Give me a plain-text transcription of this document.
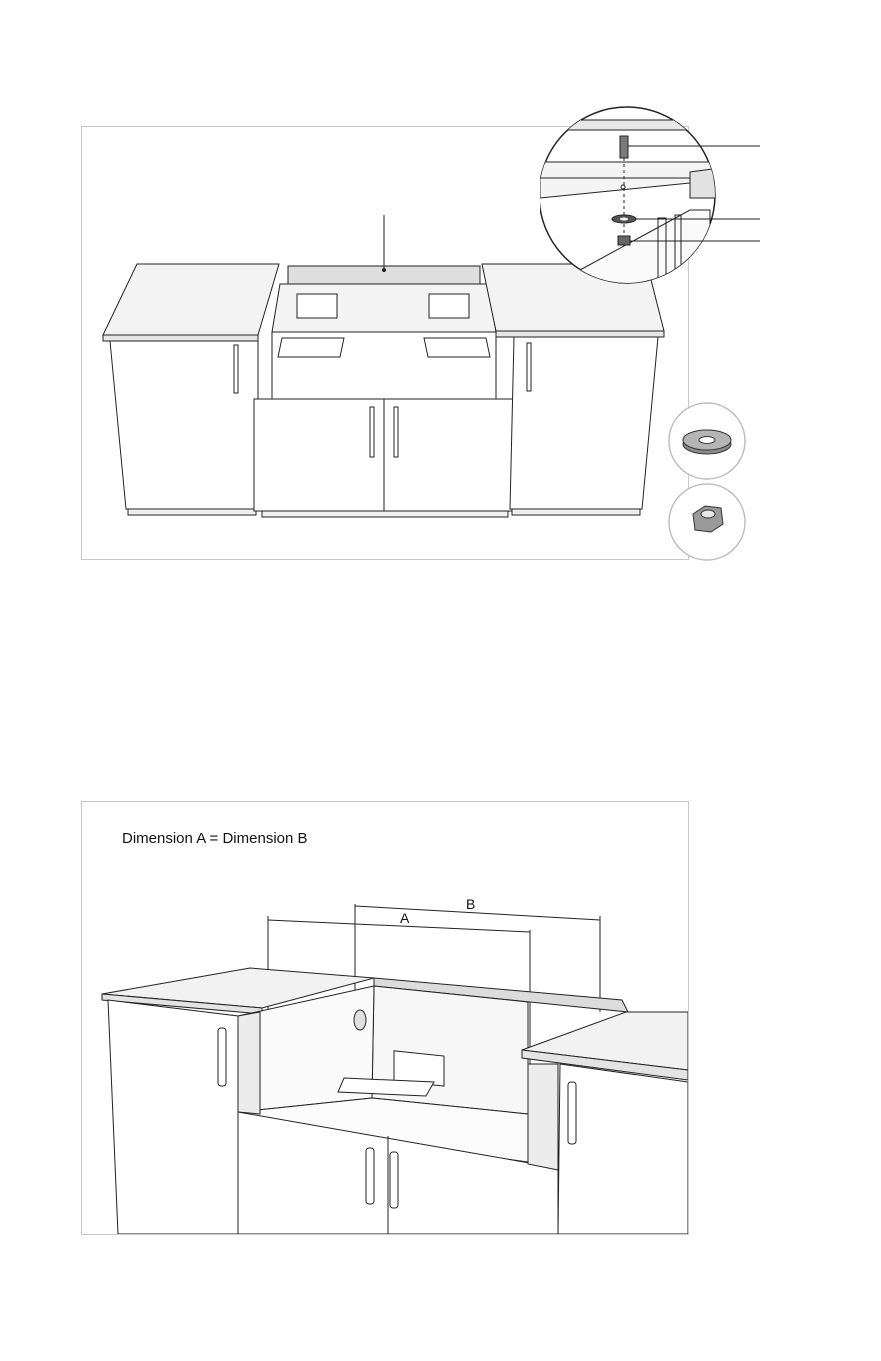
Dimension A = Dimension B
A
B
